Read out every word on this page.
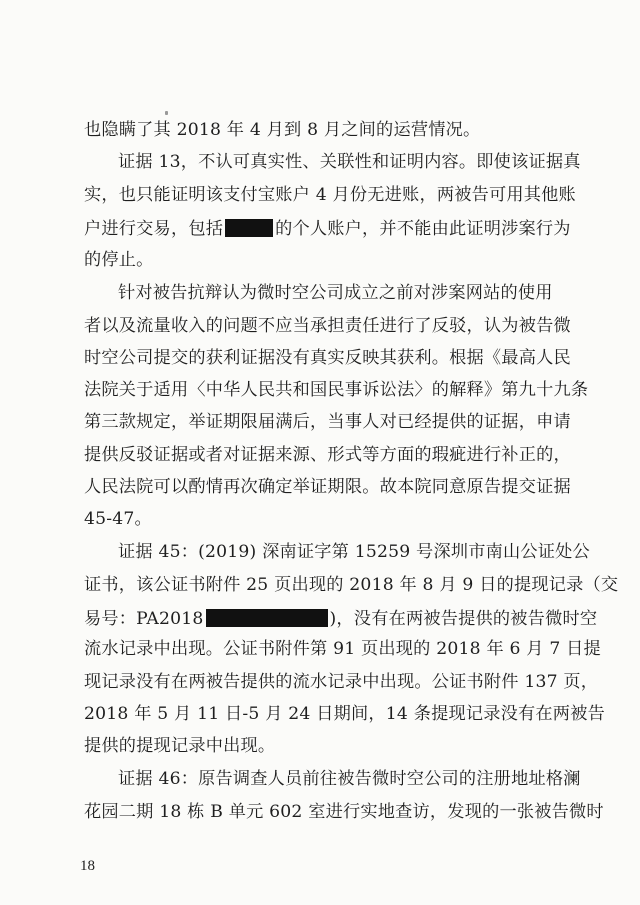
也隐瞒了其 2018 年 4 月到 8 月之间的运营情况。
证据 13，不认可真实性、关联性和证明内容。即使该证据真
实，也只能证明该支付宝账户 4 月份无进账，两被告可用其他账
户进行交易，包括	的个人账户，并不能由此证明涉案行为
的停止。
针对被告抗辩认为微时空公司成立之前对涉案网站的使用
者以及流量收入的问题不应当承担责任进行了反驳，认为被告微
时空公司提交的获利证据没有真实反映其获利。根据《最高人民
法院关于适用〈中华人民共和国民事诉讼法〉的解释》第九十九条
第三款规定，举证期限届满后，当事人对已经提供的证据，申请
提供反驳证据或者对证据来源、形式等方面的瑕疵进行补正的，
人民法院可以酌情再次确定举证期限。故本院同意原告提交证据
45-47。
证据 45：(2019) 深南证字第 15259 号深圳市南山公证处公
证书，该公证书附件 25 页出现的 2018 年 8 月 9 日的提现记录（交
易号：PA2018	)，没有在两被告提供的被告微时空
流水记录中出现。公证书附件第 91 页出现的 2018 年 6 月 7 日提
现记录没有在两被告提供的流水记录中出现。公证书附件 137 页，
2018 年 5 月 11 日-5 月 24 日期间，14 条提现记录没有在两被告
提供的提现记录中出现。
证据 46：原告调查人员前往被告微时空公司的注册地址格澜
花园二期 18 栋 B 单元 602 室进行实地查访，发现的一张被告微时
18
